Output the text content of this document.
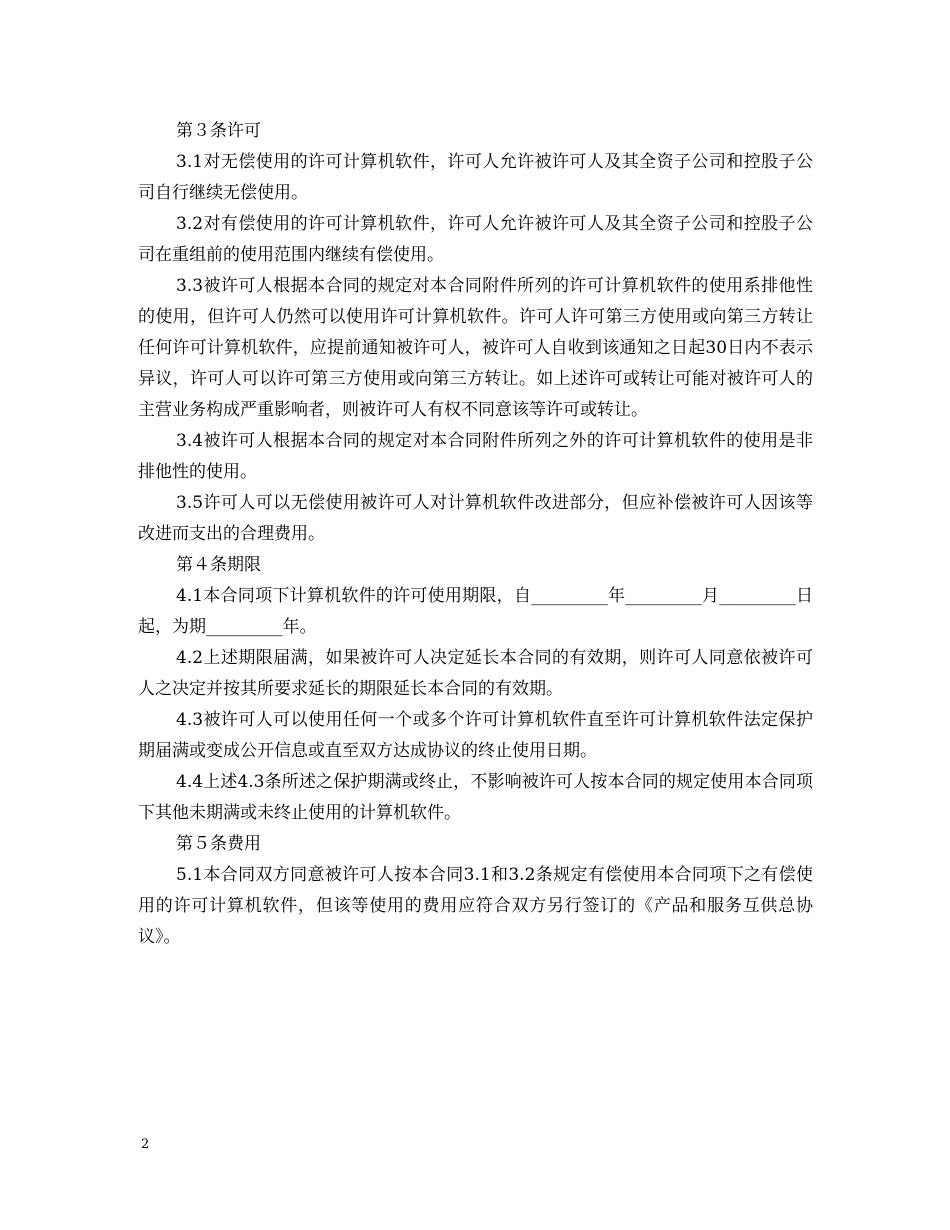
第３条许可

3.1对无偿使用的许可计算机软件，许可人允许被许可人及其全资子公司和控股子公司自行继续无偿使用。

3.2对有偿使用的许可计算机软件，许可人允许被许可人及其全资子公司和控股子公司在重组前的使用范围内继续有偿使用。

3.3被许可人根据本合同的规定对本合同附件所列的许可计算机软件的使用系排他性的使用，但许可人仍然可以使用许可计算机软件。许可人许可第三方使用或向第三方转让任何许可计算机软件，应提前通知被许可人，被许可人自收到该通知之日起30日内不表示异议，许可人可以许可第三方使用或向第三方转让。如上述许可或转让可能对被许可人的主营业务构成严重影响者，则被许可人有权不同意该等许可或转让。

3.4被许可人根据本合同的规定对本合同附件所列之外的许可计算机软件的使用是非排他性的使用。

3.5许可人可以无偿使用被许可人对计算机软件改进部分，但应补偿被许可人因该等改进而支出的合理费用。

第４条期限

4.1本合同项下计算机软件的许可使用期限，自_________年_________月_________日起，为期_________年。

4.2上述期限届满，如果被许可人决定延长本合同的有效期，则许可人同意依被许可人之决定并按其所要求延长的期限延长本合同的有效期。

4.3被许可人可以使用任何一个或多个许可计算机软件直至许可计算机软件法定保护期届满或变成公开信息或直至双方达成协议的终止使用日期。

4.4上述4.3条所述之保护期满或终止，不影响被许可人按本合同的规定使用本合同项下其他未期满或未终止使用的计算机软件。

第５条费用

5.1本合同双方同意被许可人按本合同3.1和3.2条规定有偿使用本合同项下之有偿使用的许可计算机软件，但该等使用的费用应符合双方另行签订的《产品和服务互供总协议》。

2
